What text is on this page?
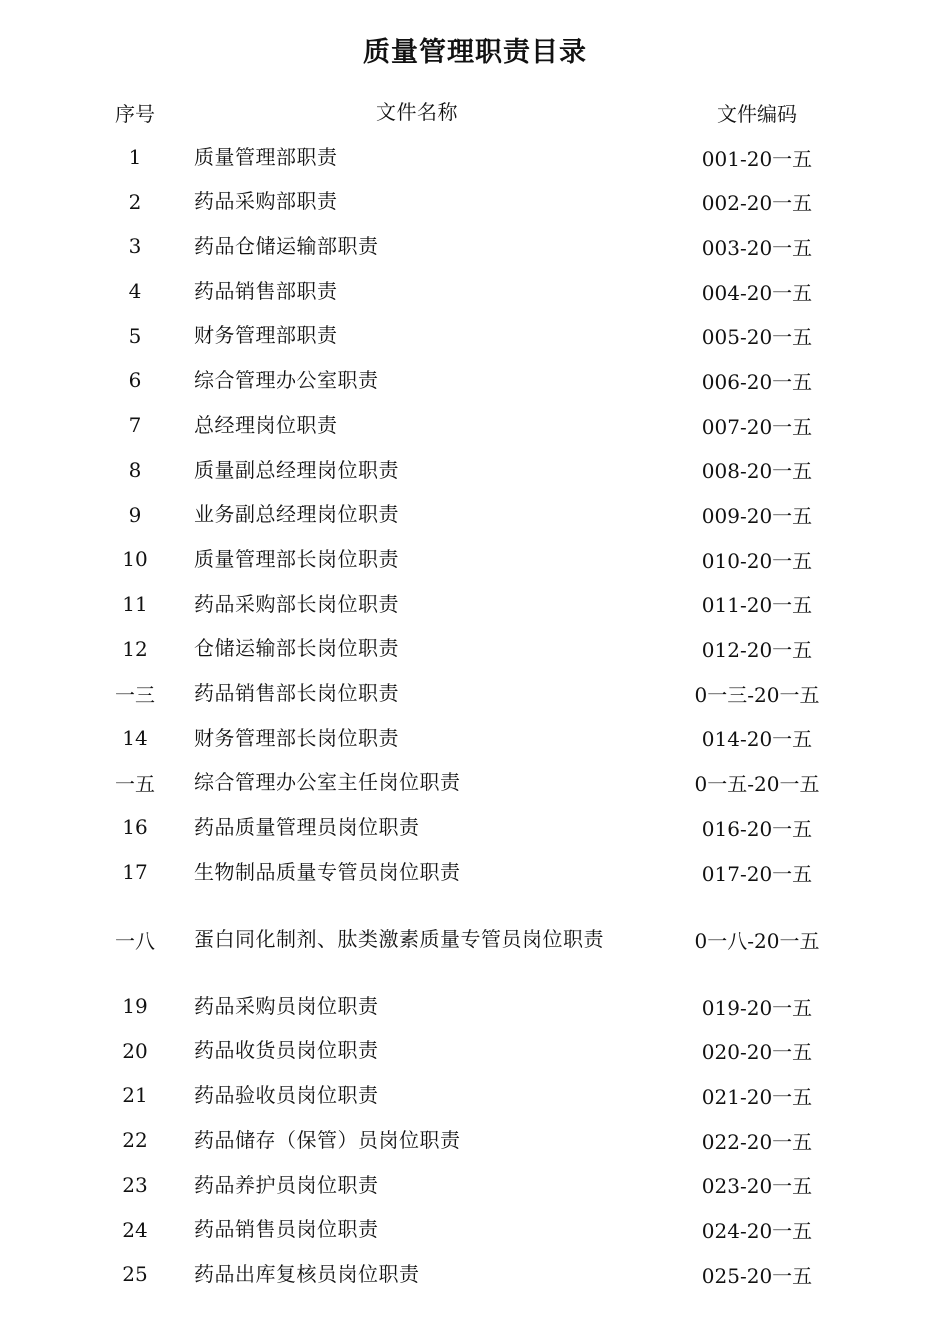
质量管理职责目录
序号	文件名称	文件编码
1	质量管理部职责	001-20一五
2	药品采购部职责	002-20一五
3	药品仓储运输部职责	003-20一五
4	药品销售部职责	004-20一五
5	财务管理部职责	005-20一五
6	综合管理办公室职责	006-20一五
7	总经理岗位职责	007-20一五
8	质量副总经理岗位职责	008-20一五
9	业务副总经理岗位职责	009-20一五
10	质量管理部长岗位职责	010-20一五
11	药品采购部长岗位职责	011-20一五
12	仓储运输部长岗位职责	012-20一五
一三	药品销售部长岗位职责	0一三-20一五
14	财务管理部长岗位职责	014-20一五
一五	综合管理办公室主任岗位职责	0一五-20一五
16	药品质量管理员岗位职责	016-20一五
17	生物制品质量专管员岗位职责	017-20一五
一八	蛋白同化制剂、肽类激素质量专管员岗位职责	0一八-20一五
19	药品采购员岗位职责	019-20一五
20	药品收货员岗位职责	020-20一五
21	药品验收员岗位职责	021-20一五
22	药品储存（保管）员岗位职责	022-20一五
23	药品养护员岗位职责	023-20一五
24	药品销售员岗位职责	024-20一五
25	药品出库复核员岗位职责	025-20一五
